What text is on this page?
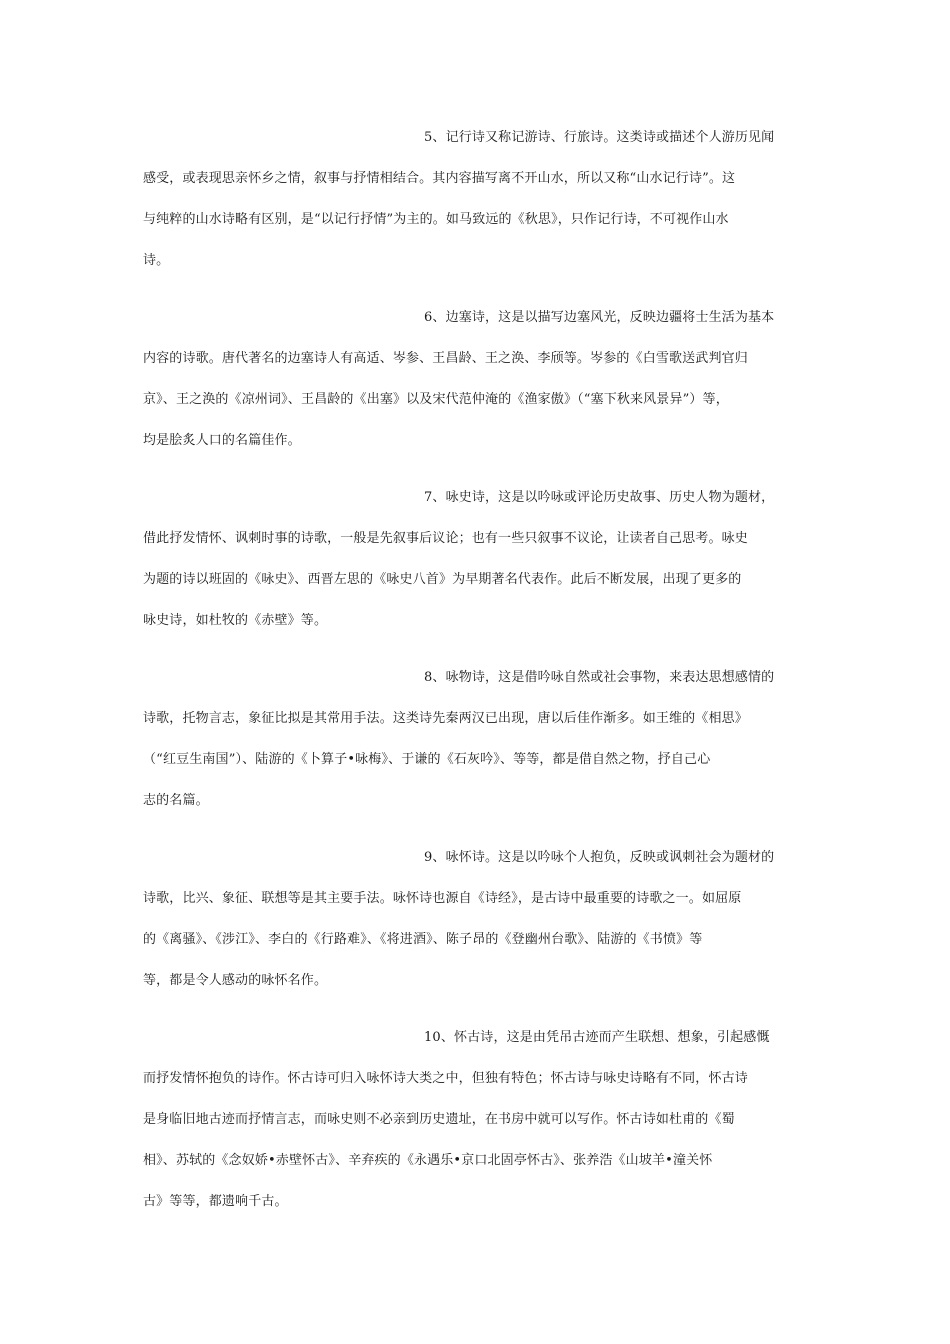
5、记行诗又称记游诗、行旅诗。这类诗或描述个人游历见闻
感受，或表现思亲怀乡之情，叙事与抒情相结合。其内容描写离不开山水，所以又称“山水记行诗”。这
与纯粹的山水诗略有区别，是“以记行抒情”为主的。如马致远的《秋思》，只作记行诗，不可视作山水
诗。
6、边塞诗，这是以描写边塞风光，反映边疆将士生活为基本
内容的诗歌。唐代著名的边塞诗人有高适、岑参、王昌龄、王之涣、李颀等。岑参的《白雪歌送武判官归
京》、王之涣的《凉州词》、王昌龄的《出塞》以及宋代范仲淹的《渔家傲》（“塞下秋来风景异”）等，
均是脍炙人口的名篇佳作。
7、咏史诗，这是以吟咏或评论历史故事、历史人物为题材，
借此抒发情怀、讽刺时事的诗歌，一般是先叙事后议论；也有一些只叙事不议论，让读者自己思考。咏史
为题的诗以班固的《咏史》、西晋左思的《咏史八首》为早期著名代表作。此后不断发展，出现了更多的
咏史诗，如杜牧的《赤壁》等。
8、咏物诗，这是借吟咏自然或社会事物，来表达思想感情的
诗歌，托物言志，象征比拟是其常用手法。这类诗先秦两汉已出现，唐以后佳作渐多。如王维的《相思》
（“红豆生南国”）、陆游的《卜算子•咏梅》、于谦的《石灰吟》、等等，都是借自然之物，抒自己心
志的名篇。
9、咏怀诗。这是以吟咏个人抱负，反映或讽刺社会为题材的
诗歌，比兴、象征、联想等是其主要手法。咏怀诗也源自《诗经》，是古诗中最重要的诗歌之一。如屈原
的《离骚》、《涉江》、李白的《行路难》、《将进酒》、陈子昂的《登幽州台歌》、陆游的《书愤》等
等，都是令人感动的咏怀名作。
10、怀古诗，这是由凭吊古迹而产生联想、想象，引起感慨
而抒发情怀抱负的诗作。怀古诗可归入咏怀诗大类之中，但独有特色；怀古诗与咏史诗略有不同，怀古诗
是身临旧地古迹而抒情言志，而咏史则不必亲到历史遗址，在书房中就可以写作。怀古诗如杜甫的《蜀
相》、苏轼的《念奴娇•赤壁怀古》、辛弃疾的《永遇乐•京口北固亭怀古》、张养浩《山坡羊•潼关怀
古》等等，都遗响千古。
